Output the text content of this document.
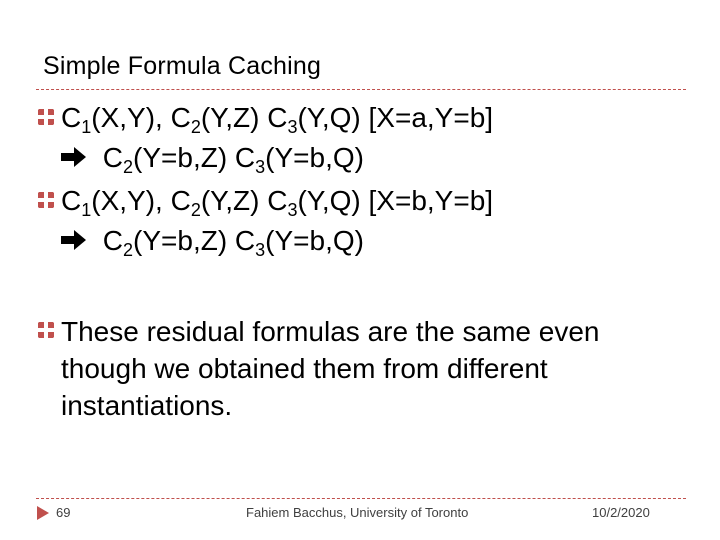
Simple Formula Caching
$C_1(X,Y)$, $C_2(Y,Z)$ $C_3(Y,Q)$ [X=a,Y=b]
$C_2(Y=b,Z)$ $C_3(Y=b,Q)$
$C_1(X,Y)$, $C_2(Y,Z)$ $C_3(Y,Q)$ [X=b,Y=b]
$C_2(Y=b,Z)$ $C_3(Y=b,Q)$
These residual formulas are the same even though we obtained them from different instantiations.
69	Fahiem Bacchus, University of Toronto	10/2/2020
